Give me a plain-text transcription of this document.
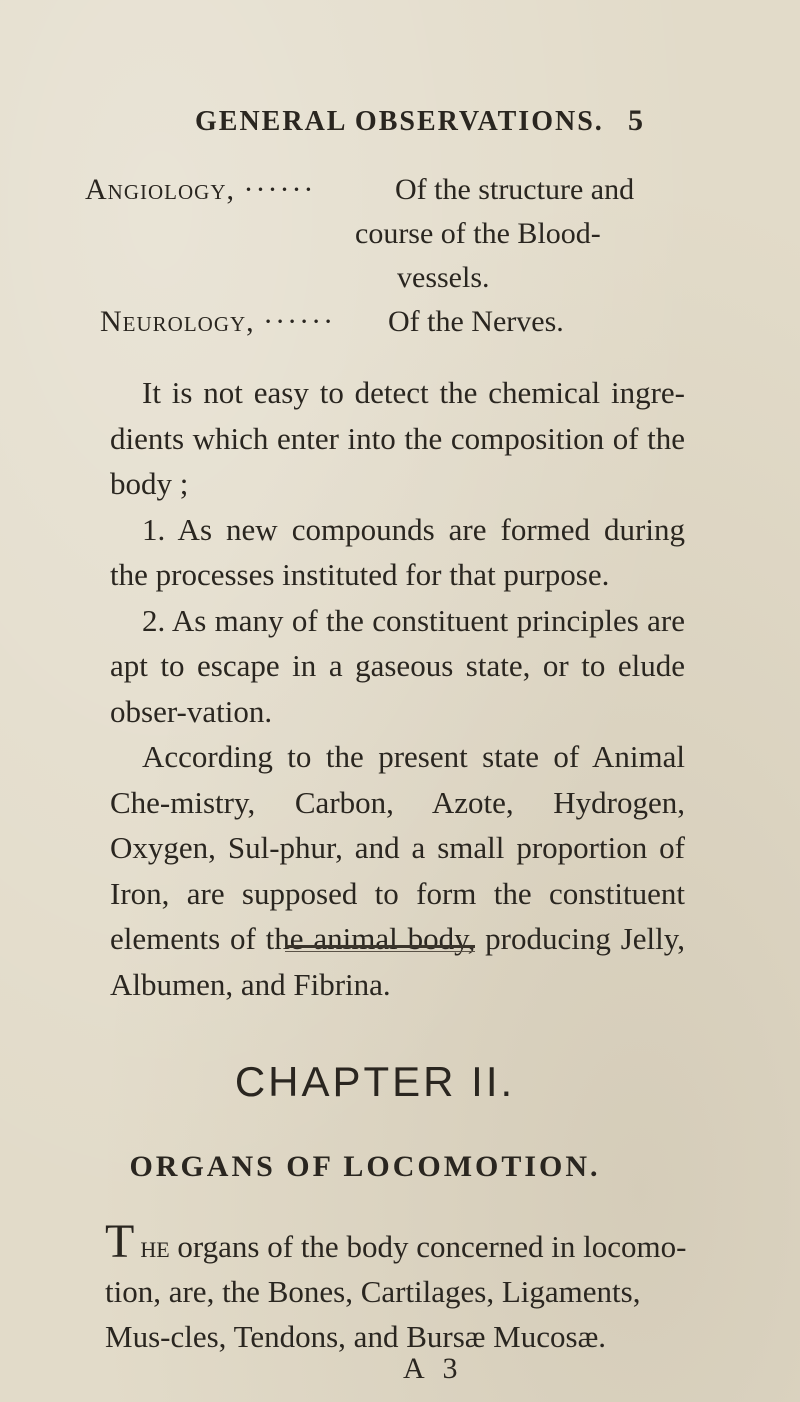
GENERAL OBSERVATIONS. 5
Angiology, ······	Of the structure and
course of the Blood-
vessels.
Neurology, ······ Of the Nerves.

It is not easy to detect the chemical ingre-dients which enter into the composition of the body ;

1. As new compounds are formed during the processes instituted for that purpose.

2. As many of the constituent principles are apt to escape in a gaseous state, or to elude obser-vation.

According to the present state of Animal Che-mistry, Carbon, Azote, Hydrogen, Oxygen, Sul-phur, and a small proportion of Iron, are supposed to form the constituent elements of the animal body, producing Jelly, Albumen, and Fibrina.

CHAPTER II.
ORGANS OF LOCOMOTION.
The organs of the body concerned in locomo-tion, are, the Bones, Cartilages, Ligaments, Mus-cles, Tendons, and Bursæ Mucosæ.
A 3
